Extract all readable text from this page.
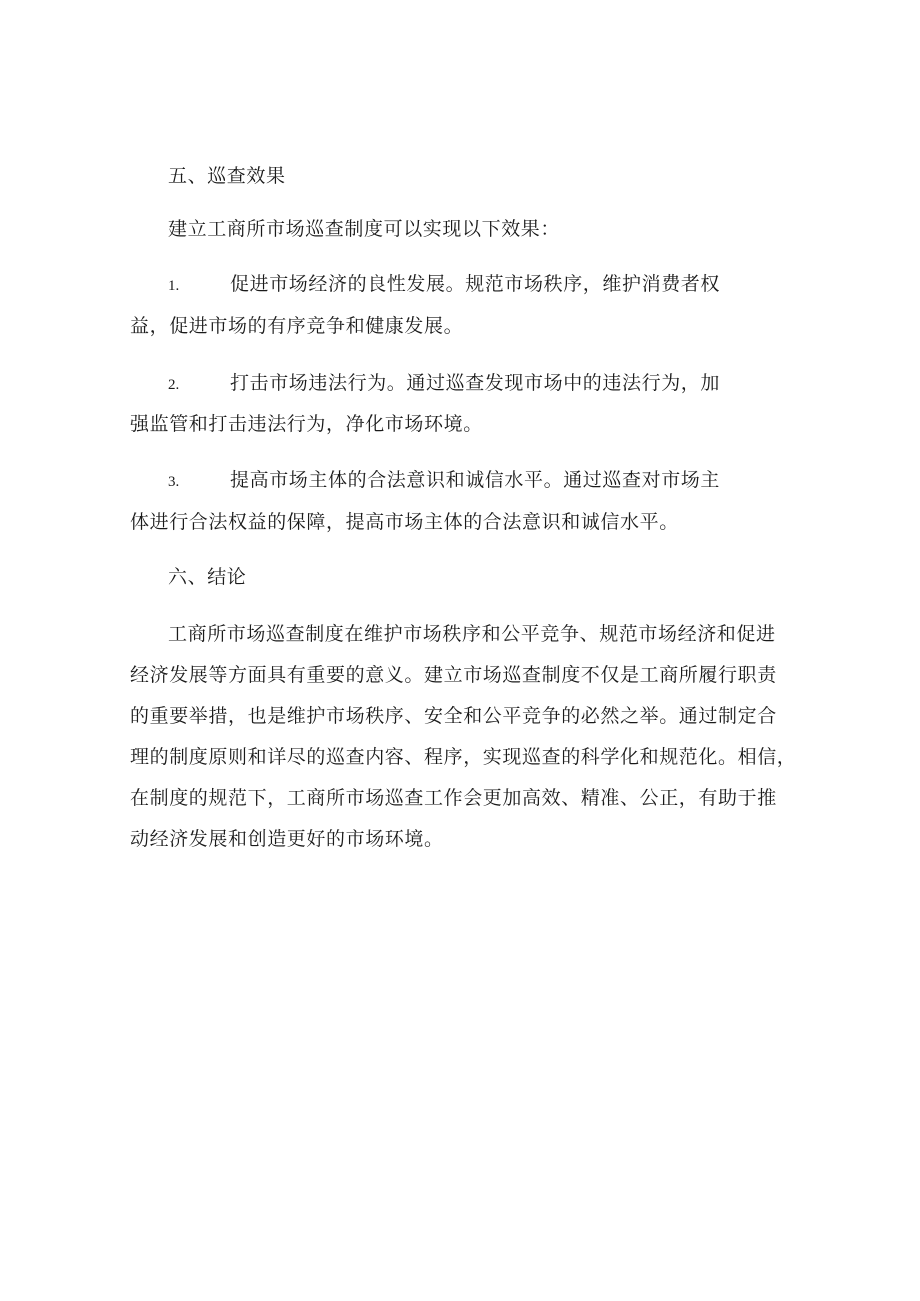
五、巡查效果
建立工商所市场巡查制度可以实现以下效果：
1.	促进市场经济的良性发展。规范市场秩序，维护消费者权
益，促进市场的有序竞争和健康发展。
2.	打击市场违法行为。通过巡查发现市场中的违法行为，加
强监管和打击违法行为，净化市场环境。
3.	提高市场主体的合法意识和诚信水平。通过巡查对市场主
体进行合法权益的保障，提高市场主体的合法意识和诚信水平。
六、结论
工商所市场巡查制度在维护市场秩序和公平竞争、规范市场经济和促进
经济发展等方面具有重要的意义。建立市场巡查制度不仅是工商所履行职责
的重要举措，也是维护市场秩序、安全和公平竞争的必然之举。通过制定合
理的制度原则和详尽的巡查内容、程序，实现巡查的科学化和规范化。相信，
在制度的规范下，工商所市场巡查工作会更加高效、精准、公正，有助于推
动经济发展和创造更好的市场环境。
